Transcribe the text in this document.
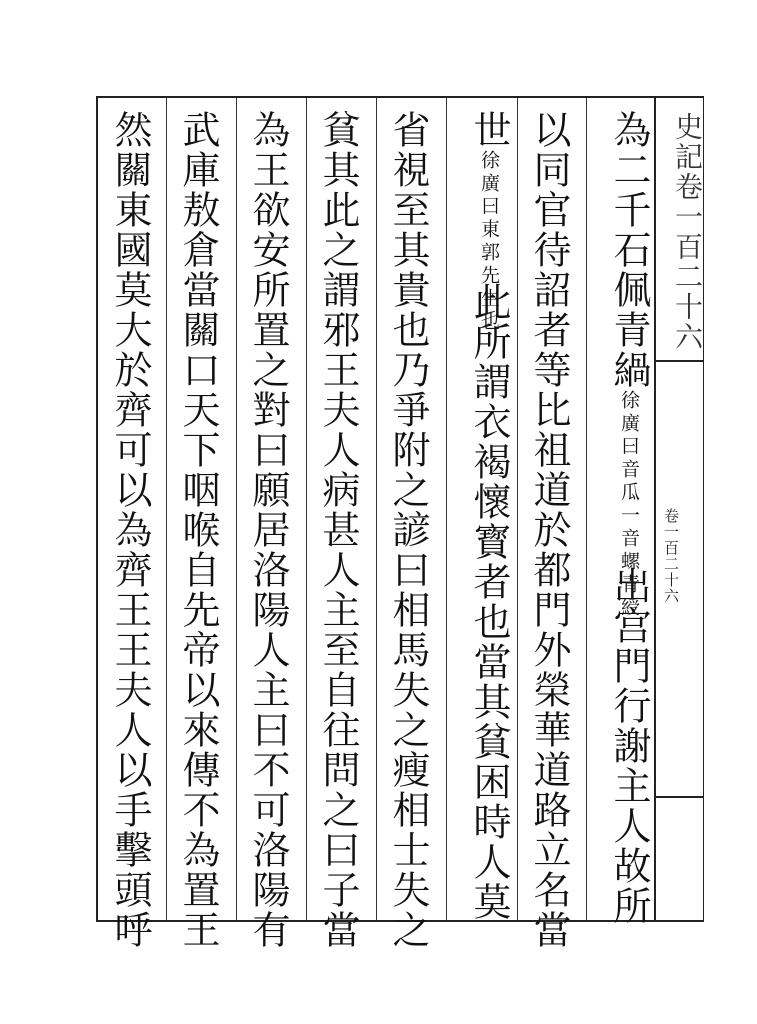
為二千石佩青緺徐廣曰音瓜一音螺青綬出宫門行謝主人故所
以同官待詔者等比祖道於都門外榮華道路立名當
世徐廣曰東郭先生也此所謂衣褐懷寳者也當其貧困時人莫
省視至其貴也乃爭附之諺曰相馬失之瘦相士失之
貧其此之謂邪王夫人病甚人主至自往問之曰子當
為王欲安所置之對曰願居洛陽人主曰不可洛陽有
武庫敖倉當關口天下咽喉自先帝以來傳不為置王
然關東國莫大於齊可以為齊王王夫人以手擊頭呼	史記卷一百二十六
卷一百二十六
